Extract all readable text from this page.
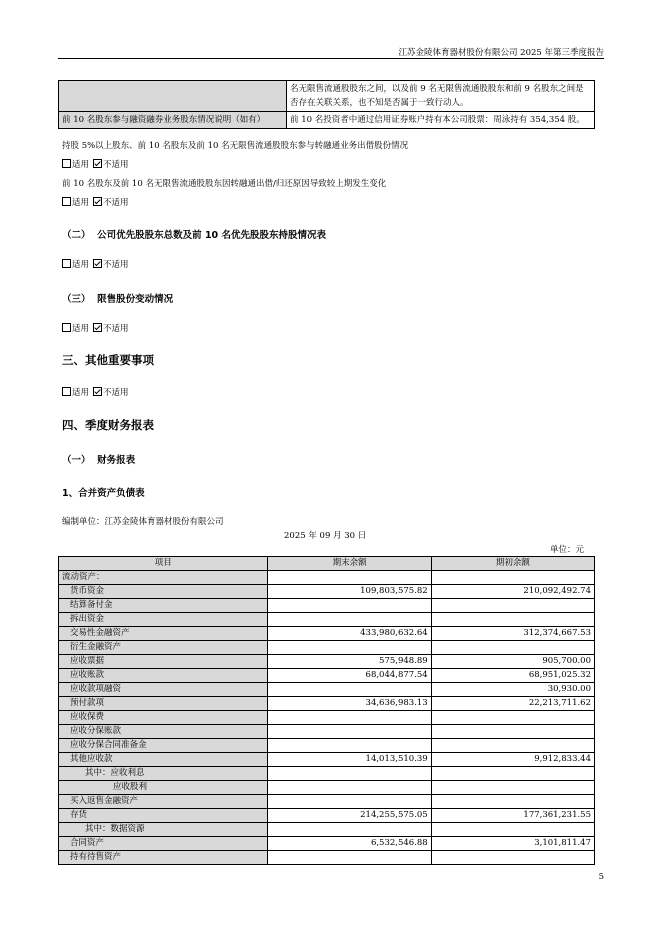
江苏金陵体育器材股份有限公司 2025 年第三季度报告
	名无限售流通股股东之间，以及前 9 名无限售流通股股东和前 9 名股东之间是否存在关联关系，也不知是否属于一致行动人。
前 10 名股东参与融资融券业务股东情况说明（如有）	前 10 名投资者中通过信用证券账户持有本公司股票：周泳持有 354,354 股。
持股 5%以上股东、前 10 名股东及前 10 名无限售流通股股东参与转融通业务出借股份情况
适用 不适用
前 10 名股东及前 10 名无限售流通股股东因转融通出借/归还原因导致较上期发生变化
适用 不适用
（二） 公司优先股股东总数及前 10 名优先股股东持股情况表
适用 不适用
（三） 限售股份变动情况
适用 不适用
三、其他重要事项
适用 不适用
四、季度财务报表
（一） 财务报表
1、合并资产负债表
编制单位：江苏金陵体育器材股份有限公司
2025 年 09 月 30 日
单位：元
项目	期末余额	期初余额
流动资产：		
货币资金	109,803,575.82	210,092,492.74
结算备付金		
拆出资金		
交易性金融资产	433,980,632.64	312,374,667.53
衍生金融资产		
应收票据	575,948.89	905,700.00
应收账款	68,044,877.54	68,951,025.32
应收款项融资		30,930.00
预付款项	34,636,983.13	22,213,711.62
应收保费		
应收分保账款		
应收分保合同准备金		
其他应收款	14,013,510.39	9,912,833.44
其中：应收利息		
应收股利		
买入返售金融资产		
存货	214,255,575.05	177,361,231.55
其中：数据资源		
合同资产	6,532,546.88	3,101,811.47
持有待售资产		
5
